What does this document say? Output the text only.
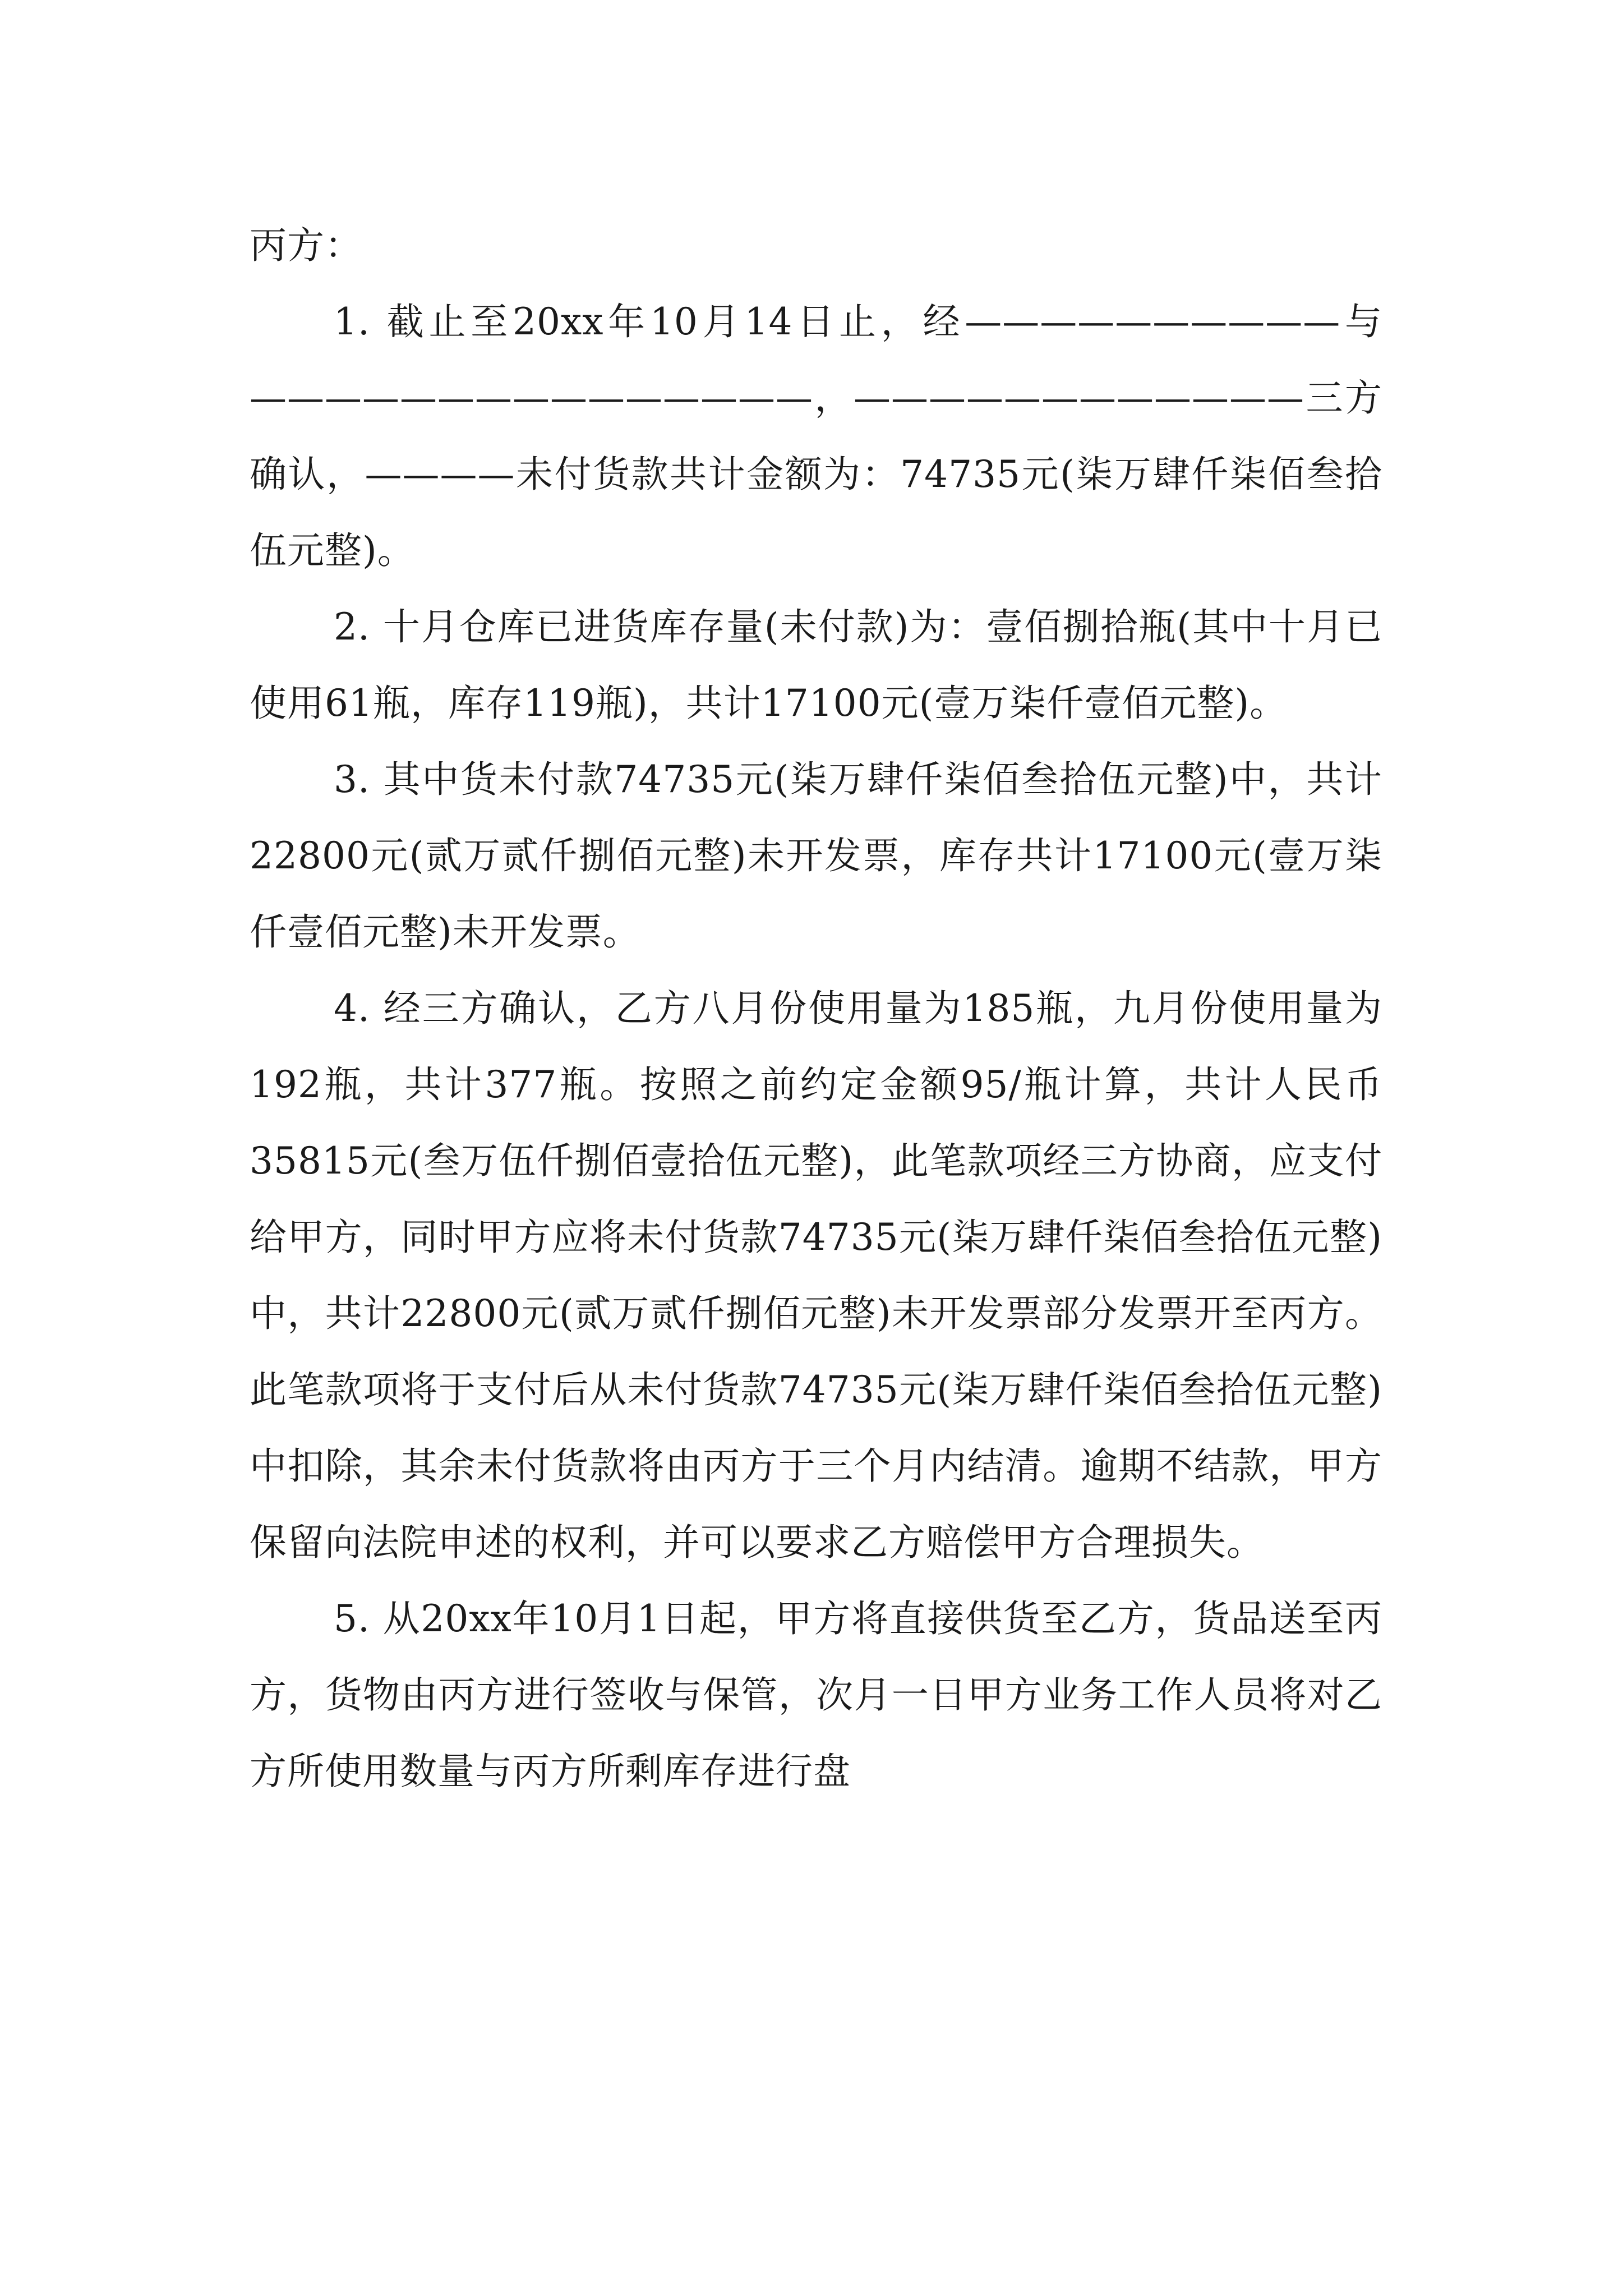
丙方：

1. 截止至20xx年10月14日止，经——————————与———————————————，————————————三方确认，————未付货款共计金额为：74735元(柒万肆仟柒佰叁拾伍元整)。

2. 十月仓库已进货库存量(未付款)为：壹佰捌拾瓶(其中十月已使用61瓶，库存119瓶)，共计17100元(壹万柒仟壹佰元整)。

3. 其中货未付款74735元(柒万肆仟柒佰叁拾伍元整)中，共计22800元(贰万贰仟捌佰元整)未开发票，库存共计17100元(壹万柒仟壹佰元整)未开发票。

4. 经三方确认，乙方八月份使用量为185瓶，九月份使用量为192瓶，共计377瓶。按照之前约定金额95/瓶计算，共计人民币35815元(叁万伍仟捌佰壹拾伍元整)，此笔款项经三方协商，应支付给甲方，同时甲方应将未付货款74735元(柒万肆仟柒佰叁拾伍元整)中，共计22800元(贰万贰仟捌佰元整)未开发票部分发票开至丙方。此笔款项将于支付后从未付货款74735元(柒万肆仟柒佰叁拾伍元整)中扣除，其余未付货款将由丙方于三个月内结清。逾期不结款，甲方保留向法院申述的权利，并可以要求乙方赔偿甲方合理损失。

5. 从20xx年10月1日起，甲方将直接供货至乙方，货品送至丙方，货物由丙方进行签收与保管，次月一日甲方业务工作人员将对乙方所使用数量与丙方所剩库存进行盘
